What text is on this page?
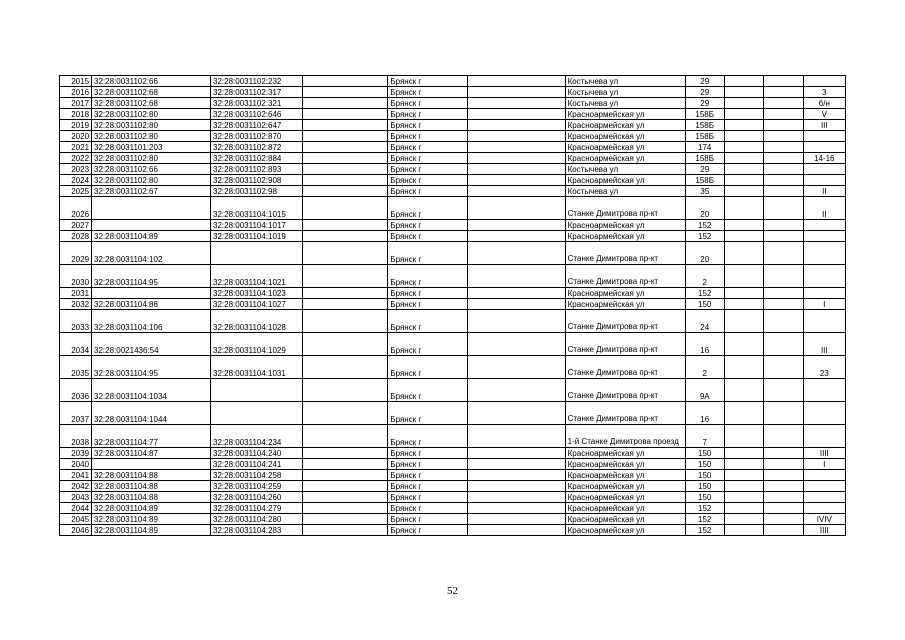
2015	32:28:0031102:66	32:28:0031102:232		Брянск г		Костычева ул	29			
2016	32:28:0031102:68	32:28:0031102:317		Брянск г		Костычева ул	29			3
2017	32:28:0031102:68	32:28:0031102:321		Брянск г		Костычева ул	29			б/н
2018	32:28:0031102:80	32:28:0031102:646		Брянск г		Красноармейская ул	158Б			V
2019	32:28:0031102:80	32:28:0031102:647		Брянск г		Красноармейская ул	158Б			III
2020	32:28:0031102:80	32:28:0031102:870		Брянск г		Красноармейская ул	158Б			
2021	32:28:0031101:203	32:28:0031102:872		Брянск г		Красноармейская ул	174			
2022	32:28:0031102:80	32:28:0031102:884		Брянск г		Красноармейская ул	158Б			14-16
2023	32:28:0031102:66	32:28:0031102:893		Брянск г		Костычева ул	29			
2024	32:28:0031102:80	32:28:0031102:908		Брянск г		Красноармейская ул	158Б			
2025	32:28:0031102:67	32:28:0031102:98		Брянск г		Костычева ул	35			II
2026		32:28:0031104:1015		Брянск г		Станке Димитрова пр-кт	20			II
2027		32:28:0031104:1017		Брянск г		Красноармейская ул	152			
2028	32:28:0031104:89	32:28:0031104:1019		Брянск г		Красноармейская ул	152			
2029	32:28:0031104:102			Брянск г		Станке Димитрова пр-кт	20			
2030	32:28:0031104:95	32:28:0031104:1021		Брянск г		Станке Димитрова пр-кт	2			
2031		32:28:0031104:1023		Брянск г		Красноармейская ул	152			
2032	32:28:0031104:88	32:28:0031104:1027		Брянск г		Красноармейская ул	150			I
2033	32:28:0031104:106	32:28:0031104:1028		Брянск г		Станке Димитрова пр-кт	24			
2034	32:28:0021436:54	32:28:0031104:1029		Брянск г		Станке Димитрова пр-кт	16			III
2035	32:28:0031104:95	32:28:0031104:1031		Брянск г		Станке Димитрова пр-кт	2			23
2036	32:28:0031104:1034			Брянск г		Станке Димитрова пр-кт	9А			
2037	32:28:0031104:1044			Брянск г		Станке Димитрова пр-кт	16			
2038	32:28:0031104:77	32:28:0031104:234		Брянск г		1-й Станке Димитрова проезд	7			
2039	32:28:0031104:87	32:28:0031104:240		Брянск г		Красноармейская ул	150			IIII
2040		32:28:0031104:241		Брянск г		Красноармейская ул	150			I
2041	32:28:0031104:88	32:28:0031104:258		Брянск г		Красноармейская ул	150			
2042	32:28:0031104:88	32:28:0031104:259		Брянск г		Красноармейская ул	150			
2043	32:28:0031104:88	32:28:0031104:260		Брянск г		Красноармейская ул	150			
2044	32:28:0031104:89	32:28:0031104:279		Брянск г		Красноармейская ул	152			
2045	32:28:0031104:89	32:28:0031104:280		Брянск г		Красноармейская ул	152			IVIV
2046	32:28:0031104:89	32:28:0031104:283		Брянск г		Красноармейская ул	152			IIII
52
